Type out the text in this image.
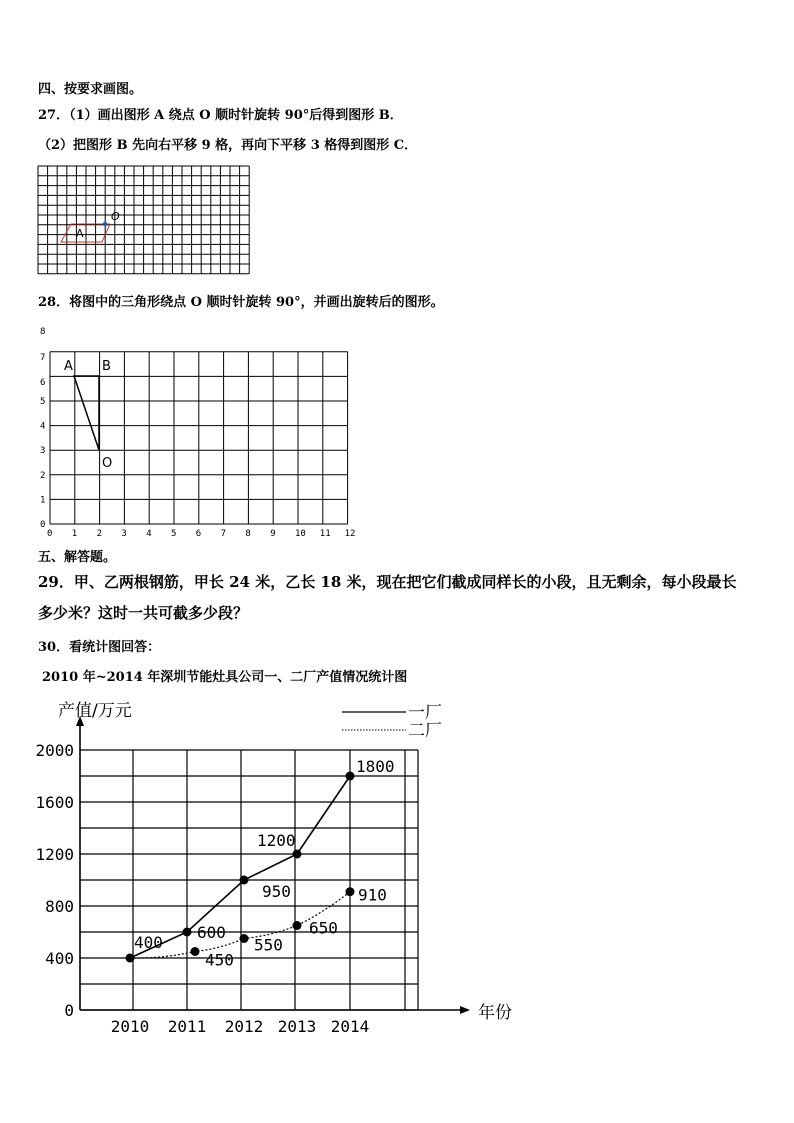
四、按要求画图。
27．（1）画出图形 A 绕点 O 顺时针旋转 90°后得到图形 B．
（2）把图形 B 先向右平移 9 格，再向下平移 3 格得到图形 C．
O
A
28．将图中的三角形绕点 O 顺时针旋转 90°，并画出旋转后的图形。
0 1 2 3 4 5 6 7 8 9 10 11 12
0
1
2
3
4
5
6
7
8
A B
O
五、解答题。
29．甲、乙两根钢筋，甲长 24 米，乙长 18 米，现在把它们截成同样长的小段，且无剩余，每小段最长
多少米？这时一共可截多少段？
30．看统计图回答：
2010 年~2014 年深圳节能灶具公司一、二厂产值情况统计图
400
600
1200
1800
450
550
650
910
0
400
800
1200
1600
2000
2010 2011 2012 2013 2014
产值/万元
年份
一厂
二厂
950
